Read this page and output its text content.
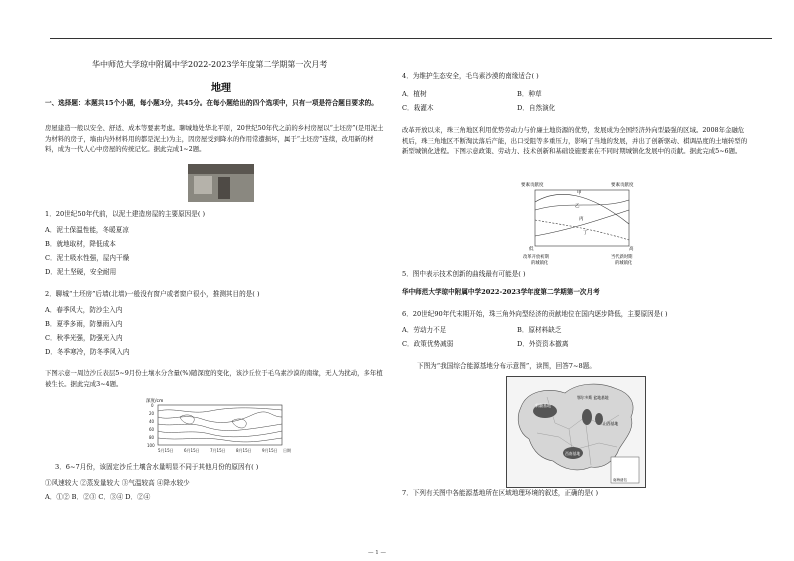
华中师范大学琼中附属中学2022-2023学年度第二学期第一次月考
地理
一、选择题：本题共15个小题，每小题3分，共45分。在每小题给出的四个选项中，只有一项是符合题目要求的。
房屋建造一般以安全、舒适、成本等要素考虑。聊城地处华北平原，20世纪50年代之前的乡村房屋以“土坯房”(是用泥土为材料的房子，墙由内外材料用的都是泥土)为主，因房屋受到降水的作用常遭损坏，属于“土坯房”连续，改用新的材料，成为一代人心中房屋的传统记忆。据此完成1~2题。
1．20世纪50年代前，以泥土建造房屋的主要原因是( )
A．泥土保温性能，冬暖夏凉
B．就地取材，降低成本
C．泥土吸水性强，屋内干燥
D．泥土坚硬，安全耐用
2．聊城“土坯房”后墙(北墙)一般没有窗户或者窗户很小，推测其目的是( )
A．春季风大，防沙尘入内
B．夏季多雨，防暴雨入内
C．秋季光强，防强光入内
D．冬季寒冷，防冬季风入内
下图示意一周边沙丘表层5~9月份土壤水分含量(%)随深度的变化，该沙丘位于毛乌素沙漠的南缘，无人为扰动，多年植被生长。据此完成3~4题。
深度/cm
0
20
40
60
80
100
5月15日	6月15日	7月15日	8月15日	9月15日 日期
3．6~7月份，该固定沙丘土壤含水量明显不同于其他月份的原因有( )
①风速较大 ②蒸发量较大 ③气温较高 ④降水较少
A．①② B．②③ C．③④ D．②④
4．为维护生态安全，毛乌素沙漠的南缘适合( )
A．植树	B．种草
C．栽灌木	D．自然演化
改革开放以来，珠三角地区利用优势劳动力与价廉土地资源的优势，发展成为全国经济外向型最强的区域。2008年金融危机后，珠三角地区不断淘汰落后产能，出口受阻等多重压力，影响了当地的发展，并出了创新驱动、棋调品度的土壤转型的新型城镇化进程。下图示意政策、劳动力、技术创新和基础设施要素在不同时期城镇化发展中的贡献。据此完成5~6题。
要素贡献度	要素贡献度
甲
乙
丙
丁
低	高
改革开放初期	当代新时期
的城镇化	的城镇化
5．图中表示技术创新的曲线最有可能是( )
华中师范大学琼中附属中学2022-2023学年度第二学期第一次月考
6．20世纪90年代末期开始，珠三角外向型经济的贡献地位在国内逐步降低，主要原因是( )
A．劳动力不足	B．原材料缺乏
C．政策优势减弱	D．外资资本撤离
下图为“我国综合能源基地分布示意图”，读图，回答7~8题。
新疆基地
鄂尔多斯 盆地基地
山西基地
西南基地
南海诸岛
7．下列有关图中各能源基地所在区域地理环境的叙述，正确的是( )
— 1 —
